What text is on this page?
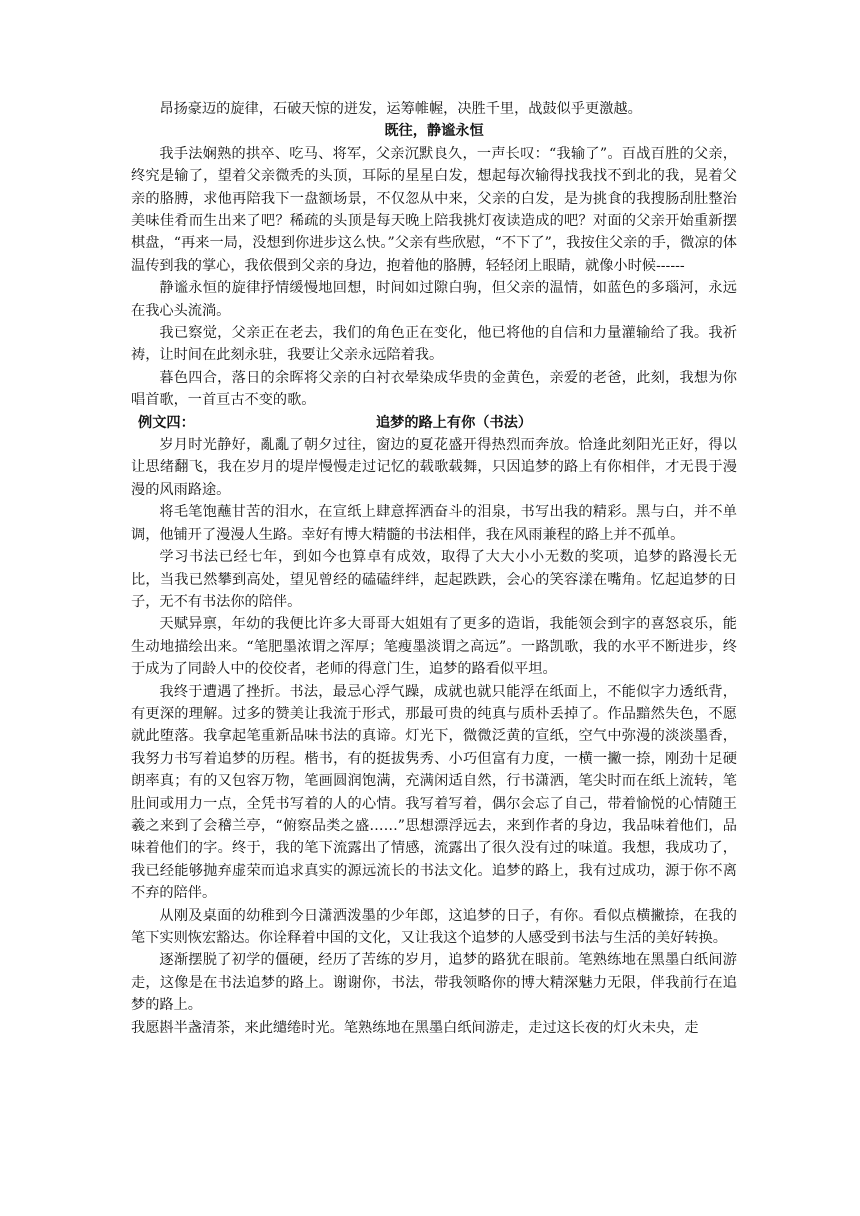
昂扬豪迈的旋律，石破天惊的迸发，运筹帷幄，决胜千里，战鼓似乎更激越。

既往，静谧永恒

我手法娴熟的拱卒、吃马、将军，父亲沉默良久，一声长叹：“我输了”。百战百胜的父亲，终究是输了，望着父亲微秃的头顶，耳际的星星白发，想起每次输得找我找不到北的我，晃着父亲的胳膊，求他再陪我下一盘额场景，不仅忽从中来，父亲的白发，是为挑食的我搜肠刮肚整治美味佳肴而生出来了吧？稀疏的头顶是每天晚上陪我挑灯夜读造成的吧？对面的父亲开始重新摆棋盘，“再来一局，没想到你进步这么快。”父亲有些欣慰，“不下了”，我按住父亲的手，微凉的体温传到我的掌心，我依偎到父亲的身边，抱着他的胳膊，轻轻闭上眼睛，就像小时候------

静谧永恒的旋律抒情缓慢地回想，时间如过隙白驹，但父亲的温情，如蓝色的多瑙河，永远在我心头流淌。

我已察觉，父亲正在老去，我们的角色正在变化，他已将他的自信和力量灌输给了我。我祈祷，让时间在此刻永驻，我要让父亲永远陪着我。

暮色四合，落日的余晖将父亲的白衬衣晕染成华贵的金黄色，亲爱的老爸，此刻，我想为你唱首歌，一首亘古不变的歌。

例文四：	追梦的路上有你（书法）

岁月时光静好，亂亂了朝夕过往，窗边的夏花盛开得热烈而奔放。恰逢此刻阳光正好，得以让思绪翻飞，我在岁月的堤岸慢慢走过记忆的载歌载舞，只因追梦的路上有你相伴，才无畏于漫漫的风雨路途。

将毛笔饱蘸甘苦的泪水，在宣纸上肆意挥洒奋斗的泪泉，书写出我的精彩。黑与白，并不单调，他铺开了漫漫人生路。幸好有博大精髓的书法相伴，我在风雨兼程的路上并不孤单。

学习书法已经七年，到如今也算卓有成效，取得了大大小小无数的奖项，追梦的路漫长无比，当我已然攀到高处，望见曾经的磕磕绊绊，起起跌跌，会心的笑容漾在嘴角。忆起追梦的日子，无不有书法你的陪伴。

天赋异禀，年幼的我便比许多大哥哥大姐姐有了更多的造诣，我能领会到字的喜怒哀乐，能生动地描绘出来。“笔肥墨浓谓之浑厚；笔瘦墨淡谓之高远”。一路凯歌，我的水平不断进步，终于成为了同龄人中的佼佼者，老师的得意门生，追梦的路看似平坦。

我终于遭遇了挫折。书法，最忌心浮气躁，成就也就只能浮在纸面上，不能似字力透纸背，有更深的理解。过多的赞美让我流于形式，那最可贵的纯真与质朴丢掉了。作品黯然失色，不愿就此堕落。我拿起笔重新品味书法的真谛。灯光下，微微泛黄的宣纸，空气中弥漫的淡淡墨香，我努力书写着追梦的历程。楷书，有的挺拔隽秀、小巧但富有力度，一横一撇一捺，刚劲十足硬朗率真；有的又包容万物，笔画圆润饱满，充满闲适自然，行书潇洒，笔尖时而在纸上流转，笔肚间或用力一点，全凭书写着的人的心情。我写着写着，偶尔会忘了自己，带着愉悦的心情随王羲之来到了会稽兰亭，“俯察品类之盛……”思想漂浮远去，来到作者的身边，我品味着他们，品味着他们的字。终于，我的笔下流露出了情感，流露出了很久没有过的味道。我想，我成功了，我已经能够抛弃虚荣而追求真实的源远流长的书法文化。追梦的路上，我有过成功，源于你不离不弃的陪伴。

从刚及桌面的幼稚到今日潇洒泼墨的少年郎，这追梦的日子，有你。看似点横撇捺，在我的笔下实则恢宏豁达。你诠释着中国的文化，又让我这个追梦的人感受到书法与生活的美好转换。

逐渐摆脱了初学的僵硬，经历了苦练的岁月，追梦的路犹在眼前。笔熟练地在黑墨白纸间游走，这像是在书法追梦的路上。谢谢你，书法，带我领略你的博大精深魅力无限，伴我前行在追梦的路上。

我愿斟半盏清茶，来此缱绻时光。笔熟练地在黑墨白纸间游走，走过这长夜的灯火未央，走
